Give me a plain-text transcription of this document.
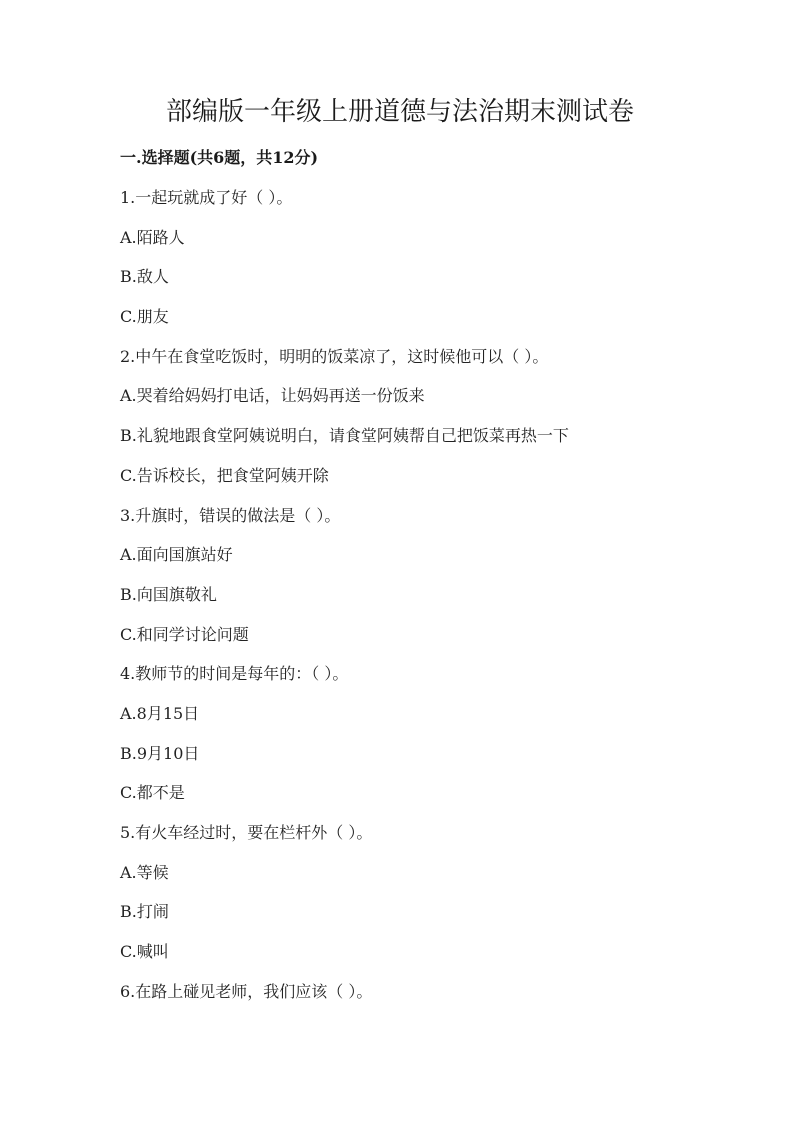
部编版一年级上册道德与法治期末测试卷
一.选择题(共6题，共12分)
1.一起玩就成了好（ ）。
A.陌路人
B.敌人
C.朋友
2.中午在食堂吃饭时，明明的饭菜凉了，这时候他可以（ ）。
A.哭着给妈妈打电话，让妈妈再送一份饭来
B.礼貌地跟食堂阿姨说明白，请食堂阿姨帮自己把饭菜再热一下
C.告诉校长，把食堂阿姨开除
3.升旗时，错误的做法是（ ）。
A.面向国旗站好
B.向国旗敬礼
C.和同学讨论问题
4.教师节的时间是每年的：（ ）。
A.8月15日
B.9月10日
C.都不是
5.有火车经过时，要在栏杆外（ ）。
A.等候
B.打闹
C.喊叫
6.在路上碰见老师，我们应该（ ）。
